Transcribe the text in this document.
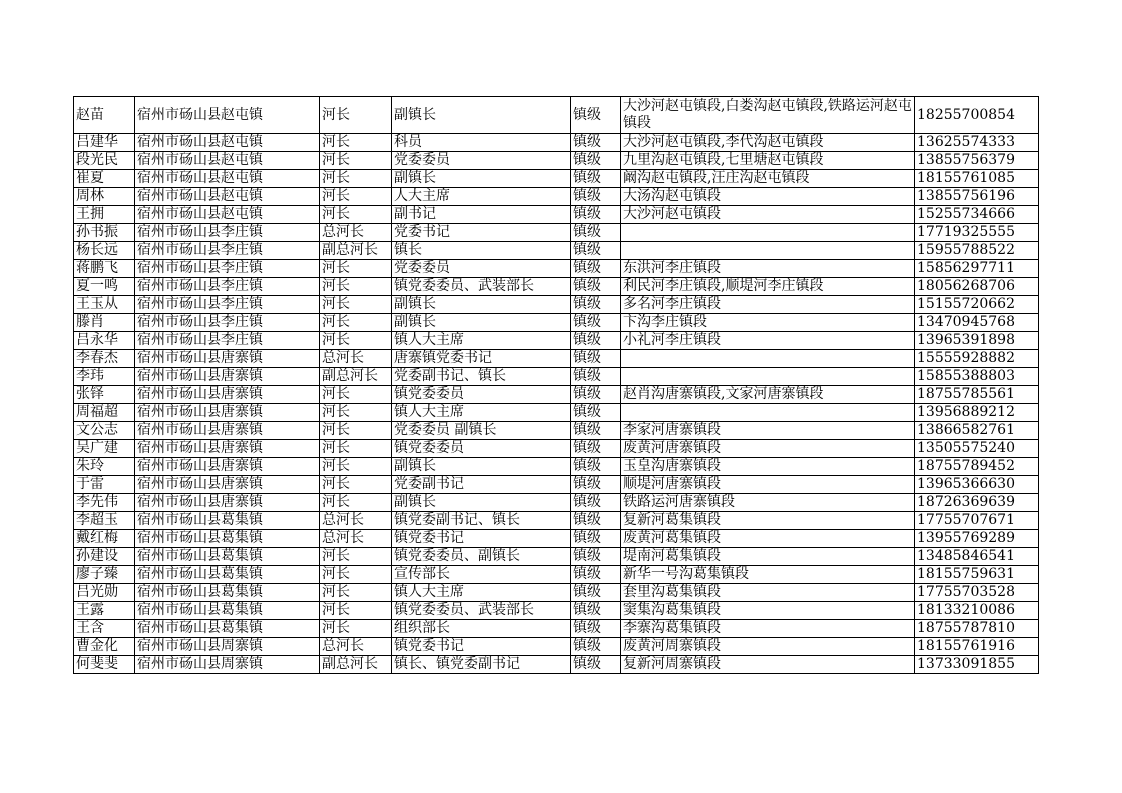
赵苗	宿州市砀山县赵屯镇	河长	副镇长	镇级	大沙河赵屯镇段,白娄沟赵屯镇段,铁路运河赵屯镇段	18255700854
吕建华	宿州市砀山县赵屯镇	河长	科员	镇级	大沙河赵屯镇段,李代沟赵屯镇段	13625574333
段光民	宿州市砀山县赵屯镇	河长	党委委员	镇级	九里沟赵屯镇段,七里塘赵屯镇段	13855756379
崔夏	宿州市砀山县赵屯镇	河长	副镇长	镇级	阚沟赵屯镇段,汪庄沟赵屯镇段	18155761085
周林	宿州市砀山县赵屯镇	河长	人大主席	镇级	大汤沟赵屯镇段	13855756196
王拥	宿州市砀山县赵屯镇	河长	副书记	镇级	大沙河赵屯镇段	15255734666
孙书振	宿州市砀山县李庄镇	总河长	党委书记	镇级		17719325555
杨长远	宿州市砀山县李庄镇	副总河长	镇长	镇级		15955788522
蒋鹏飞	宿州市砀山县李庄镇	河长	党委委员	镇级	东洪河李庄镇段	15856297711
夏一鸣	宿州市砀山县李庄镇	河长	镇党委委员、武装部长	镇级	利民河李庄镇段,顺堤河李庄镇段	18056268706
王玉从	宿州市砀山县李庄镇	河长	副镇长	镇级	多名河李庄镇段	15155720662
滕肖	宿州市砀山县李庄镇	河长	副镇长	镇级	卞沟李庄镇段	13470945768
吕永华	宿州市砀山县李庄镇	河长	镇人大主席	镇级	小礼河李庄镇段	13965391898
李春杰	宿州市砀山县唐寨镇	总河长	唐寨镇党委书记	镇级		15555928882
李玮	宿州市砀山县唐寨镇	副总河长	党委副书记、镇长	镇级		15855388803
张铎	宿州市砀山县唐寨镇	河长	镇党委委员	镇级	赵肖沟唐寨镇段,文家河唐寨镇段	18755785561
周福超	宿州市砀山县唐寨镇	河长	镇人大主席	镇级		13956889212
文公志	宿州市砀山县唐寨镇	河长	党委委员 副镇长	镇级	李家河唐寨镇段	13866582761
吴广建	宿州市砀山县唐寨镇	河长	镇党委委员	镇级	废黄河唐寨镇段	13505575240
朱玲	宿州市砀山县唐寨镇	河长	副镇长	镇级	玉皇沟唐寨镇段	18755789452
于雷	宿州市砀山县唐寨镇	河长	党委副书记	镇级	顺堤河唐寨镇段	13965366630
李先伟	宿州市砀山县唐寨镇	河长	副镇长	镇级	铁路运河唐寨镇段	18726369639
李超玉	宿州市砀山县葛集镇	总河长	镇党委副书记、镇长	镇级	复新河葛集镇段	17755707671
戴红梅	宿州市砀山县葛集镇	总河长	镇党委书记	镇级	废黄河葛集镇段	13955769289
孙建设	宿州市砀山县葛集镇	河长	镇党委委员、副镇长	镇级	堤南河葛集镇段	13485846541
廖子臻	宿州市砀山县葛集镇	河长	宣传部长	镇级	新华一号沟葛集镇段	18155759631
吕光勋	宿州市砀山县葛集镇	河长	镇人大主席	镇级	套里沟葛集镇段	17755703528
王露	宿州市砀山县葛集镇	河长	镇党委委员、武装部长	镇级	窦集沟葛集镇段	18133210086
王含	宿州市砀山县葛集镇	河长	组织部长	镇级	李寨沟葛集镇段	18755787810
曹金化	宿州市砀山县周寨镇	总河长	镇党委书记	镇级	废黄河周寨镇段	18155761916
何斐斐	宿州市砀山县周寨镇	副总河长	镇长、镇党委副书记	镇级	复新河周寨镇段	13733091855
